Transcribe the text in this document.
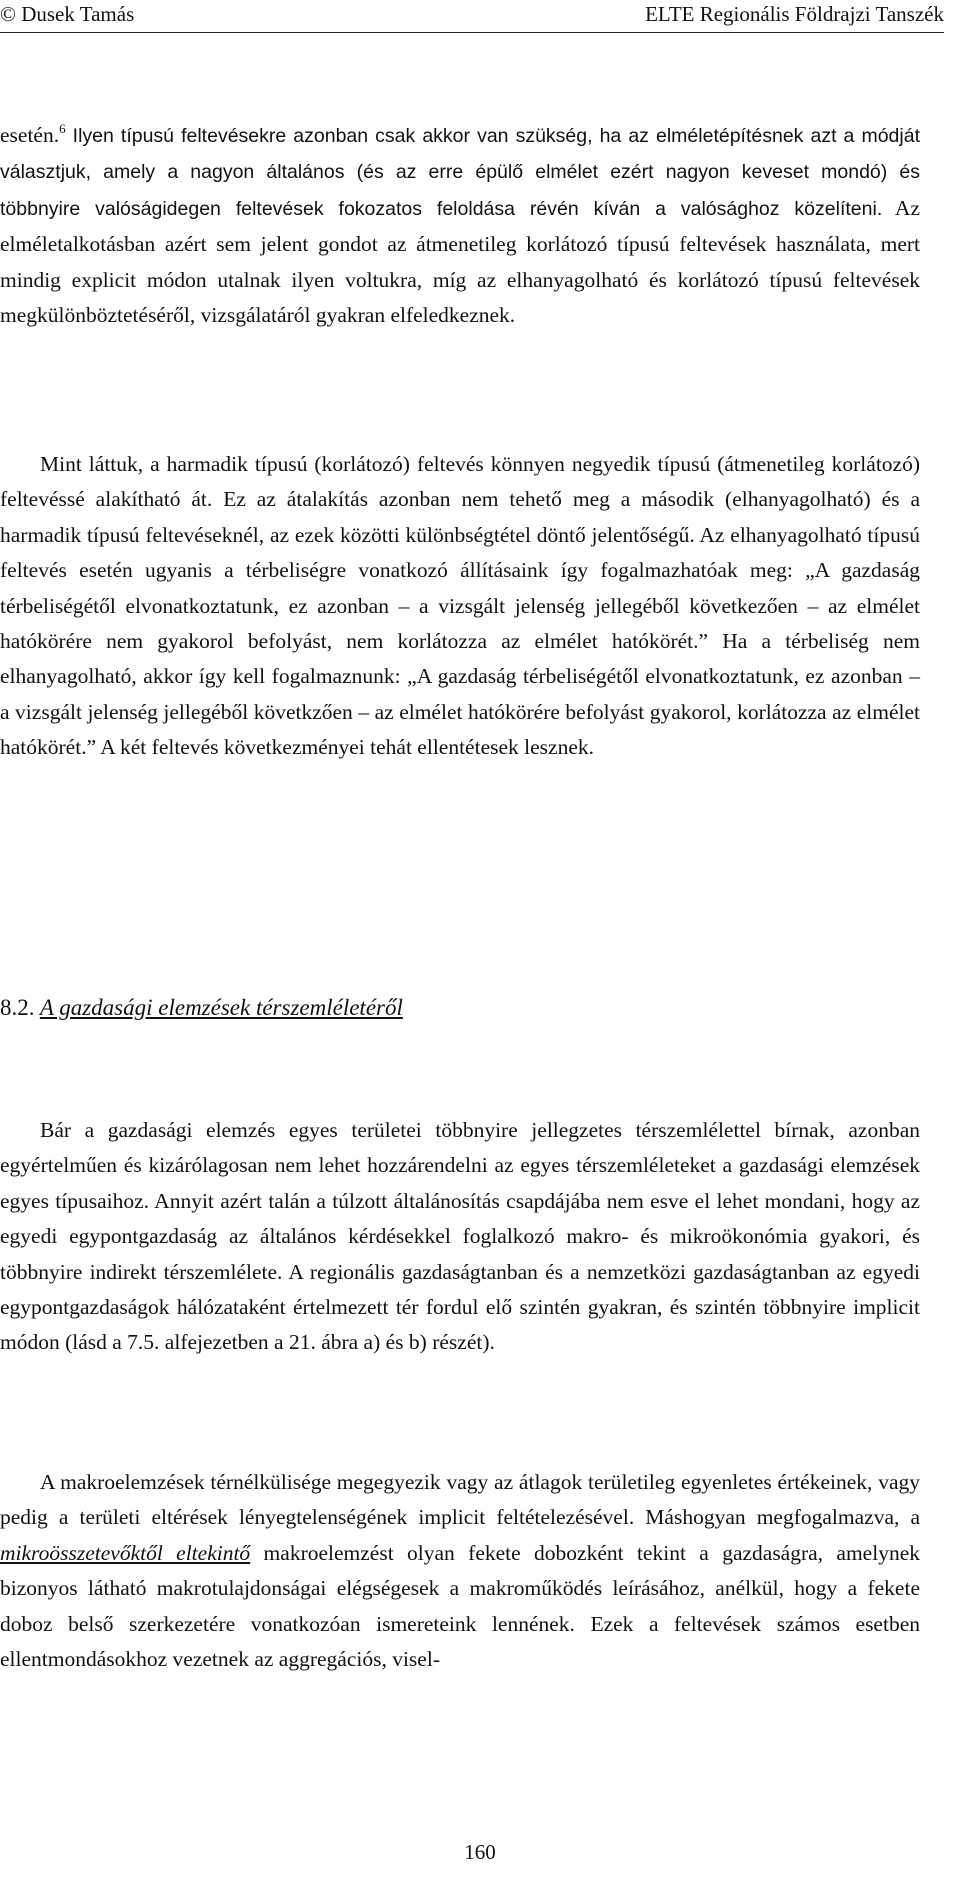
© Dusek Tamás	ELTE Regionális Földrajzi Tanszék
esetén.$^6$ Ilyen típusú feltevésekre azonban csak akkor van szükség, ha az elméletépítésnek azt a módját választjuk, amely a nagyon általános (és az erre épülő elmélet ezért nagyon keveset mondó) és többnyire valóságidegen feltevések fokozatos feloldása révén kíván a valósághoz közelíteni. Az elméletalkotásban azért sem jelent gondot az átmenetileg korlátozó típusú feltevések használata, mert mindig explicit módon utalnak ilyen voltukra, míg az elhanyagolható és korlátozó típusú feltevések megkülönböztetéséről, vizsgálatáról gyakran elfeledkeznek.
Mint láttuk, a harmadik típusú (korlátozó) feltevés könnyen negyedik típusú (átmenetileg korlátozó) feltevéssé alakítható át. Ez az átalakítás azonban nem tehető meg a második (elhanyagolható) és a harmadik típusú feltevéseknél, az ezek közötti különbségtétel döntő jelentőségű. Az elhanyagolható típusú feltevés esetén ugyanis a térbeliségre vonatkozó állításaink így fogalmazhatóak meg: „A gazdaság térbeliségétől elvonatkoztatunk, ez azonban – a vizsgált jelenség jellegéből következően – az elmélet hatókörére nem gyakorol befolyást, nem korlátozza az elmélet hatókörét.” Ha a térbeliség nem elhanyagolható, akkor így kell fogalmaznunk: „A gazdaság térbeliségétől elvonatkoztatunk, ez azonban – a vizsgált jelenség jellegéből követkzően – az elmélet hatókörére befolyást gyakorol, korlátozza az elmélet hatókörét.” A két feltevés következményei tehát ellentétesek lesznek.
8.2. A gazdasági elemzések térszemléletéről
Bár a gazdasági elemzés egyes területei többnyire jellegzetes térszemlélettel bírnak, azonban egyértelműen és kizárólagosan nem lehet hozzárendelni az egyes térszemléleteket a gazdasági elemzések egyes típusaihoz. Annyit azért talán a túlzott általánosítás csapdájába nem esve el lehet mondani, hogy az egyedi egypontgazdaság az általános kérdésekkel foglalkozó makro- és mikroökonómia gyakori, és többnyire indirekt térszemlélete. A regionális gazdaságtanban és a nemzetközi gazdaságtanban az egyedi egypontgazdaságok hálózataként értelmezett tér fordul elő szintén gyakran, és szintén többnyire implicit módon (lásd a 7.5. alfejezetben a 21. ábra a) és b) részét).
A makroelemzések térnélkülisége megegyezik vagy az átlagok területileg egyenletes értékeinek, vagy pedig a területi eltérések lényegtelenségének implicit feltételezésével. Máshogyan megfogalmazva, a mikroösszetevőktől eltekintő makroelemzést olyan fekete dobozként tekint a gazdaságra, amelynek bizonyos látható makrotulajdonságai elégségesek a makroműködés leírásához, anélkül, hogy a fekete doboz belső szerkezetére vonatkozóan ismereteink lennének. Ezek a feltevések számos esetben ellentmondásokhoz vezetnek az aggregációs, visel-
160
